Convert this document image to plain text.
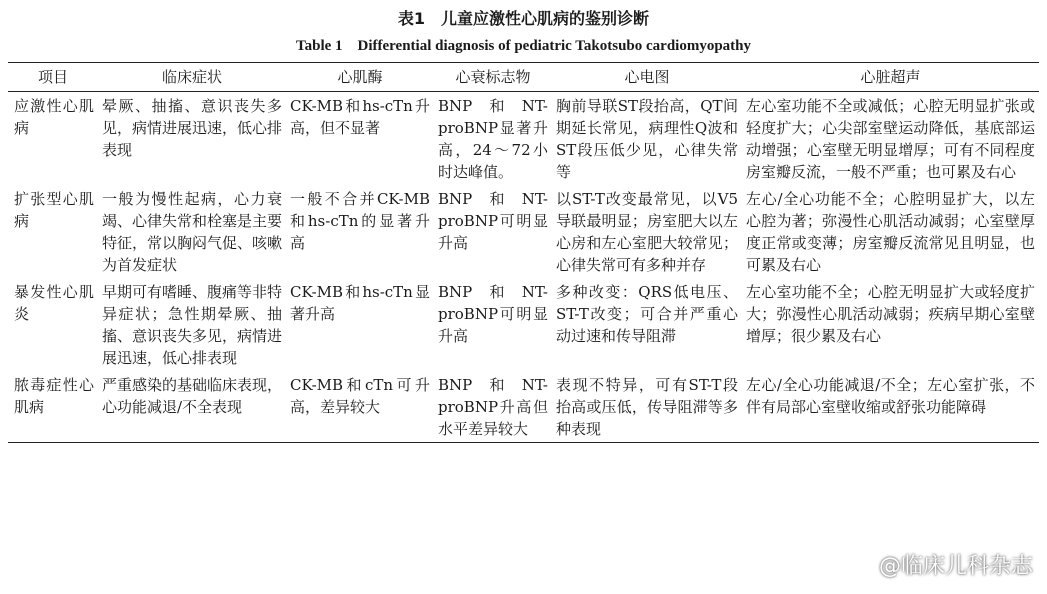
表1　儿童应激性心肌病的鉴别诊断
Table 1　Differential diagnosis of pediatric Takotsubo cardiomyopathy
项目	临床症状	心肌酶	心衰标志物	心电图	心脏超声
应激性心肌病	晕厥、抽搐、意识丧失多见，病情进展迅速，低心排表现	CK-MB和hs-cTn升高，但不显著	BNP和NT-proBNP显著升高，24～72小时达峰值。	胸前导联ST段抬高，QT间期延长常见，病理性Q波和ST段压低少见，心律失常等	左心室功能不全或减低；心腔无明显扩张或轻度扩大；心尖部室壁运动降低，基底部运动增强；心室壁无明显增厚；可有不同程度房室瓣反流，一般不严重；也可累及右心
扩张型心肌病	一般为慢性起病，心力衰竭、心律失常和栓塞是主要特征，常以胸闷气促、咳嗽为首发症状	一般不合并CK-MB和hs-cTn的显著升高	BNP和NT-proBNP可明显升高	以ST-T改变最常见，以V5导联最明显；房室肥大以左心房和左心室肥大较常见；心律失常可有多种并存	左心/全心功能不全；心腔明显扩大，以左心腔为著；弥漫性心肌活动减弱；心室壁厚度正常或变薄；房室瓣反流常见且明显，也可累及右心
暴发性心肌炎	早期可有嗜睡、腹痛等非特异症状；急性期晕厥、抽搐、意识丧失多见，病情进展迅速，低心排表现	CK-MB和hs-cTn显著升高	BNP和NT-proBNP可明显升高	多种改变：QRS低电压、ST-T改变；可合并严重心动过速和传导阻滞	左心室功能不全；心腔无明显扩大或轻度扩大；弥漫性心肌活动减弱；疾病早期心室壁增厚；很少累及右心
脓毒症性心肌病	严重感染的基础临床表现，心功能减退/不全表现	CK-MB和cTn可升高，差异较大	BNP和NT-proBNP升高但水平差异较大	表现不特异，可有ST-T段抬高或压低，传导阻滞等多种表现	左心/全心功能减退/不全；左心室扩张，不伴有局部心室壁收缩或舒张功能障碍
@临床儿科杂志
